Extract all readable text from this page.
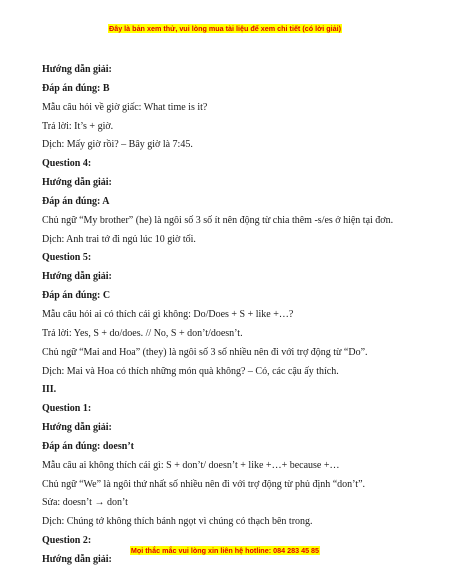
Đây là bản xem thử, vui lòng mua tài liệu để xem chi tiết (có lời giải)
Hướng dẫn giải:
Đáp án đúng: B
Mẫu câu hỏi về giờ giấc: What time is it?
Trả lời: It’s + giờ.
Dịch: Mấy giờ rồi? – Bây giờ là 7:45.
Question 4:
Hướng dẫn giải:
Đáp án đúng: A
Chủ ngữ “My brother” (he) là ngôi số 3 số ít nên động từ chia thêm -s/es ở hiện tại đơn.
Dịch: Anh trai tớ đi ngủ lúc 10 giờ tối.
Question 5:
Hướng dẫn giải:
Đáp án đúng: C
Mẫu câu hỏi ai có thích cái gì không: Do/Does + S + like +…?
Trả lời: Yes, S + do/does. // No, S + don’t/doesn’t.
Chủ ngữ “Mai and Hoa” (they) là ngôi số 3 số nhiều nên đi với trợ động từ “Do”.
Dịch: Mai và Hoa có thích những món quà không? – Có, các cậu ấy thích.
III.
Question 1:
Hướng dẫn giải:
Đáp án đúng: doesn’t
Mẫu câu ai không thích cái gì: S + don’t/ doesn’t + like +…+ because +…
Chủ ngữ “We” là ngôi thứ nhất số nhiều nên đi với trợ động từ phủ định “don’t”.
Sửa: doesn’t → don’t
Dịch: Chúng tớ không thích bánh ngọt vì chúng có thạch bên trong.
Question 2:
Hướng dẫn giải:
Mọi thắc mắc vui lòng xin liên hệ hotline: 084 283 45 85
